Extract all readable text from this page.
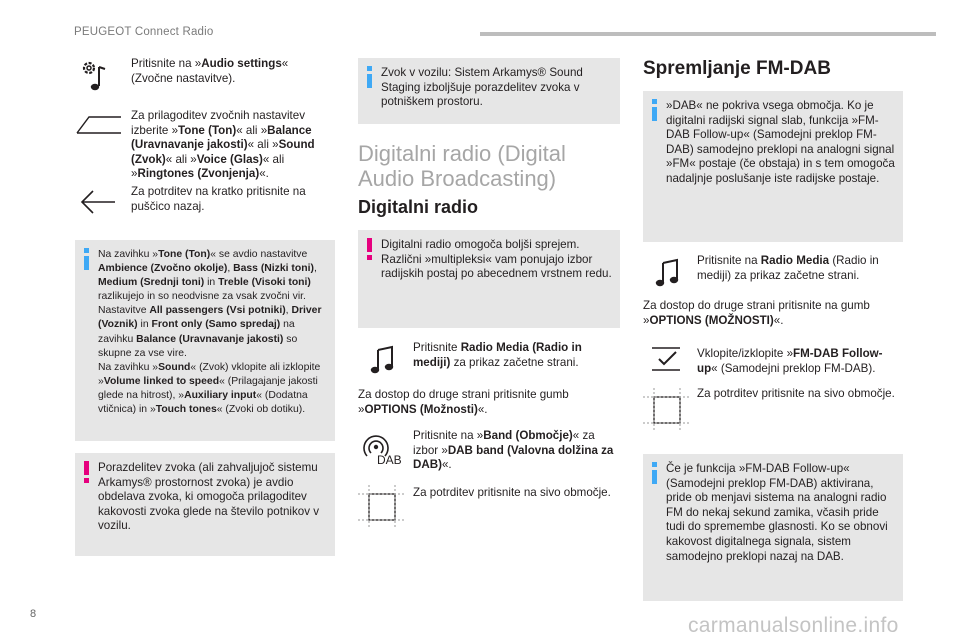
PEUGEOT Connect Radio
Pritisnite na »Audio settings« (Zvočne nastavitve).
Za prilagoditev zvočnih nastavitev izberite »Tone (Ton)« ali »Balance (Uravnavanje jakosti)« ali »Sound (Zvok)« ali »Voice (Glas)« ali »Ringtones (Zvonjenja)«.
Za potrditev na kratko pritisnite na puščico nazaj.
Na zavihku »Tone (Ton)« se avdio nastavitve Ambience (Zvočno okolje), Bass (Nizki toni), Medium (Srednji toni) in Treble (Visoki toni) razlikujejo in so neodvisne za vsak zvočni vir. Nastavitve All passengers (Vsi potniki), Driver (Voznik) in Front only (Samo spredaj) na zavihku Balance (Uravnavanje jakosti) so skupne za vse vire.
Na zavihku »Sound« (Zvok) vklopite ali izklopite »Volume linked to speed« (Prilagajanje jakosti glede na hitrost), »Auxiliary input« (Dodatna vtičnica) in »Touch tones« (Zvoki ob dotiku).
Porazdelitev zvoka (ali zahvaljujoč sistemu Arkamys® prostornost zvoka) je avdio obdelava zvoka, ki omogoča prilagoditev kakovosti zvoka glede na število potnikov v vozilu.
Zvok v vozilu: Sistem Arkamys® Sound Staging izboljšuje porazdelitev zvoka v potniškem prostoru.
Digitalni radio (Digital
Audio Broadcasting)
Digitalni radio
Digitalni radio omogoča boljši sprejem. Različni »multipleksi« vam ponujajo izbor radijskih postaj po abecednem vrstnem redu.
Pritisnite Radio Media (Radio in mediji) za prikaz začetne strani.
Za dostop do druge strani pritisnite gumb »OPTIONS (Možnosti)«.
DAB
Pritisnite na »Band (Območje)« za izbor »DAB band (Valovna dolžina za DAB)«.
Za potrditev pritisnite na sivo območje.
Spremljanje FM-DAB
»DAB« ne pokriva vsega območja. Ko je digitalni radijski signal slab, funkcija »FM-DAB Follow-up« (Samodejni preklop FM-DAB) samodejno preklopi na analogni signal »FM« postaje (če obstaja) in s tem omogoča nadaljnje poslušanje iste radijske postaje.
Pritisnite na Radio Media (Radio in mediji) za prikaz začetne strani.
Za dostop do druge strani pritisnite na gumb »OPTIONS (MOŽNOSTI)«.
Vklopite/izklopite »FM-DAB Follow-up« (Samodejni preklop FM-DAB).
Za potrditev pritisnite na sivo območje.
Če je funkcija »FM-DAB Follow-up« (Samodejni preklop FM-DAB) aktivirana, pride ob menjavi sistema na analogni radio FM do nekaj sekund zamika, včasih pride tudi do spremembe glasnosti. Ko se obnovi kakovost digitalnega signala, sistem samodejno preklopi nazaj na DAB.
8	carmanualsonline.info
